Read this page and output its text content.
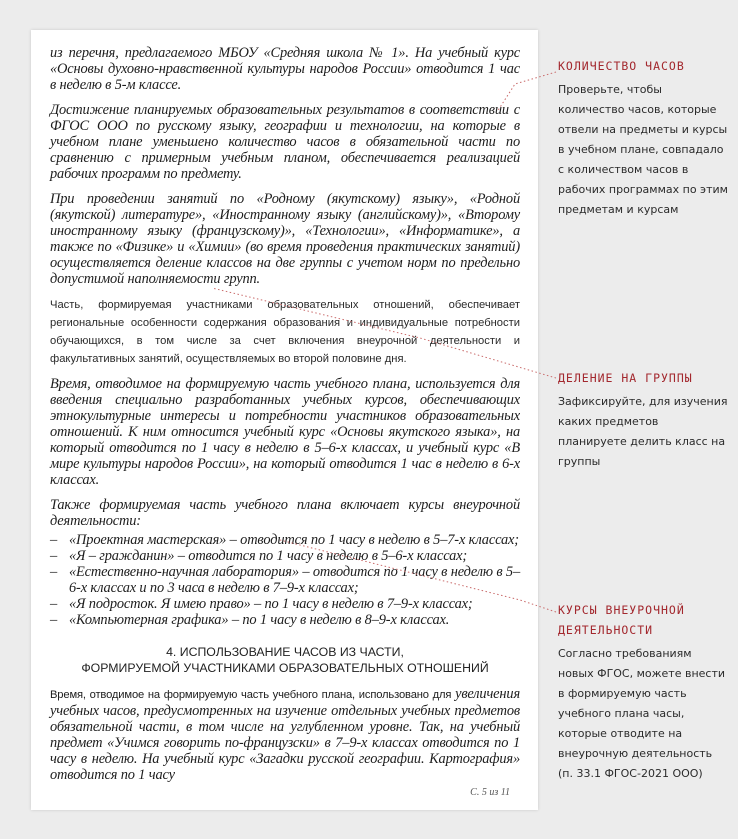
из перечня, предлагаемого МБОУ «Средняя школа № 1». На учебный курс «Основы духовно-нравственной культуры народов России» отводится 1 час в неделю в 5-м классе.

Достижение планируемых образовательных результатов в соответствии с ФГОС ООО по русскому языку, географии и технологии, на которые в учебном плане уменьшено количество часов в обязательной части по сравнению с примерным учебным планом, обеспечивается реализацией рабочих программ по предмету.

При проведении занятий по «Родному (якутскому) языку», «Родной (якутской) литературе», «Иностранному языку (английскому)», «Второму иностранному языку (французскому)», «Технологии», «Информатике», а также по «Физике» и «Химии» (во время проведения практических занятий) осуществляется деление классов на две группы с учетом норм по предельно допустимой наполняемости групп.

Часть, формируемая участниками образовательных отношений, обеспечивает региональные особенности содержания образования и индивидуальные потребности обучающихся, в том числе за счет включения внеурочной деятельности и факультативных занятий, осуществляемых во второй половине дня.

Время, отводимое на формируемую часть учебного плана, используется для введения специально разработанных учебных курсов, обеспечивающих этнокультурные интересы и потребности участников образовательных отношений. К ним относится учебный курс «Основы якутского языка», на который отводится по 1 часу в неделю в 5–6-х классах, и учебный курс «В мире культуры народов России», на который отводится 1 час в неделю в 6-х классах.

Также формируемая часть учебного плана включает курсы внеурочной деятельности:

– «Проектная мастерская» – отводится по 1 часу в неделю в 5–7-х классах;
– «Я – гражданин» – отводится по 1 часу в неделю в 5–6-х классах;
– «Естественно-научная лаборатория» – отводится по 1 часу в неделю в 5–6-х классах и по 3 часа в неделю в 7–9-х классах;
– «Я подросток. Я имею право» – по 1 часу в неделю в 7–9-х классах;
– «Компьютерная графика» – по 1 часу в неделю в 8–9-х классах.
4. ИСПОЛЬЗОВАНИЕ ЧАСОВ ИЗ ЧАСТИ,
ФОРМИРУЕМОЙ УЧАСТНИКАМИ ОБРАЗОВАТЕЛЬНЫХ ОТНОШЕНИЙ

Время, отводимое на формируемую часть учебного плана, использовано для увеличения учебных часов, предусмотренных на изучение отдельных учебных предметов обязательной части, в том числе на углубленном уровне. Так, на учебный предмет «Учимся говорить по-французски» в 7–9-х классах отводится по 1 часу в неделю. На учебный курс «Загадки русской географии. Картография» отводится по 1 часу

С. 5 из 11
КОЛИЧЕСТВО ЧАСОВ

Проверьте, чтобы количество часов, которые отвели на предметы и курсы в учебном плане, совпадало с количеством часов в рабочих программах по этим предметам и курсам

ДЕЛЕНИЕ НА ГРУППЫ

Зафиксируйте, для изучения каких предметов планируете делить класс на группы

КУРСЫ ВНЕУРОЧНОЙ ДЕЯТЕЛЬНОСТИ

Согласно требованиям новых ФГОС, можете внести в формируемую часть учебного плана часы, которые отводите на внеурочную деятельность (п. 33.1 ФГОС-2021 ООО)
